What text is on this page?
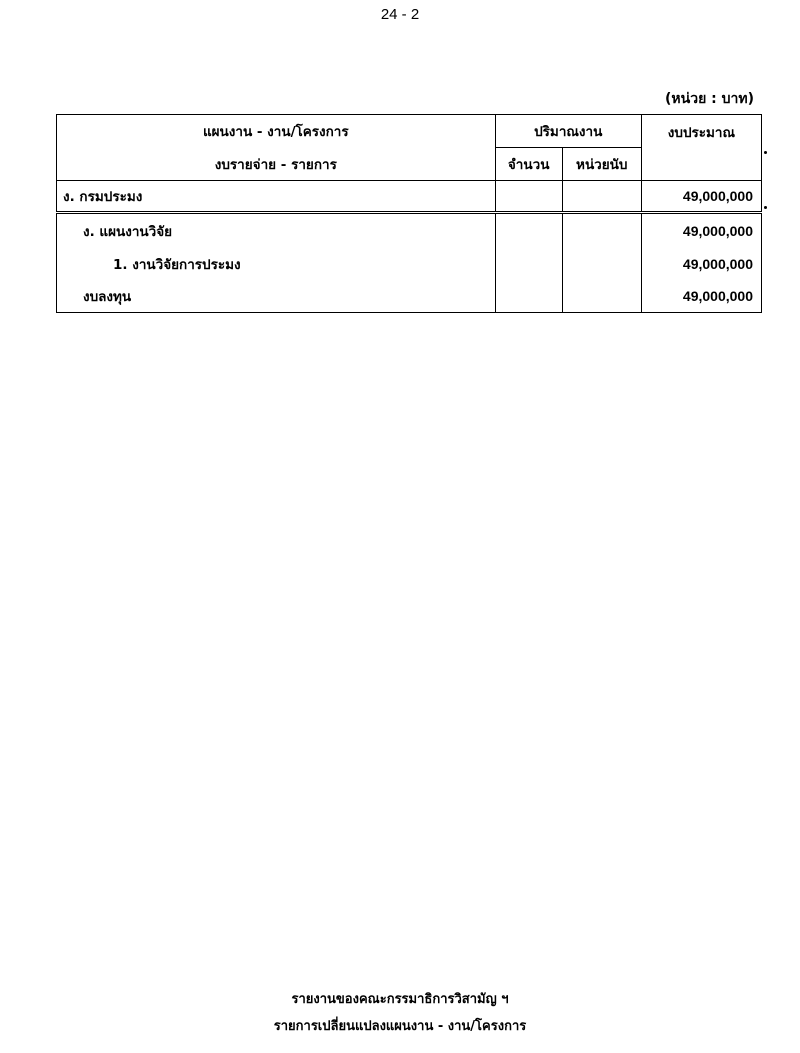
24 - 2
(หน่วย : บาท)
แผนงาน - งาน/โครงการ	ปริมาณงาน		งบประมาณ
งบรายจ่าย - รายการ	จำนวน	หน่วยนับ	
ง. กรมประมง			49,000,000
ง. แผนงานวิจัย			49,000,000
1. งานวิจัยการประมง			49,000,000
งบลงทุน			49,000,000
รายงานของคณะกรรมาธิการวิสามัญ ฯ
รายการเปลี่ยนแปลงแผนงาน - งาน/โครงการ
